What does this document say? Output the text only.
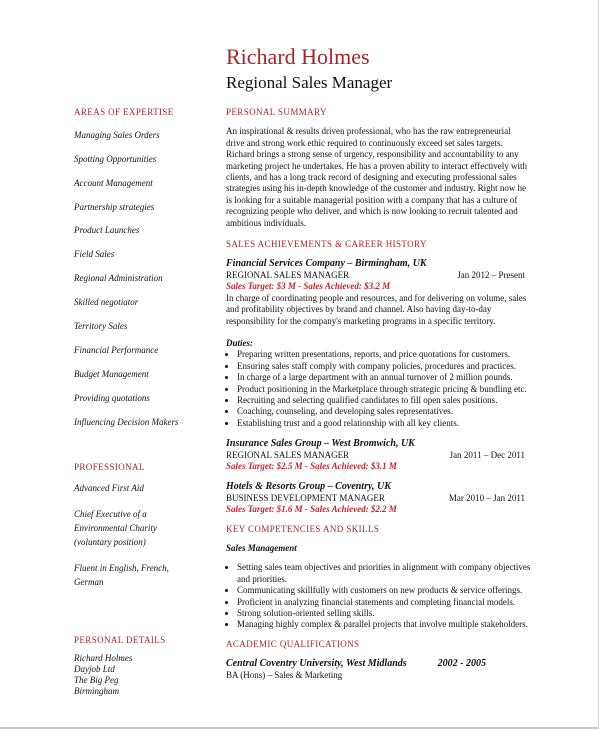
Richard Holmes
Regional Sales Manager
AREAS OF EXPERTISE
Managing Sales Orders
Spotting Opportunities
Account Management
Partnership strategies
Product Launches
Field Sales
Regional Administration
Skilled negotiator
Territory Sales
Financial Performance
Budget Management
Providing quotations
Influencing Decision Makers
PROFESSIONAL
Advanced First Aid
Chief Executive of a Environmental Charity (voluntary position)
Fluent in English, French, German
PERSONAL DETAILS
Richard Holmes
Dayjob Ltd
The Big Peg
Birmingham
PERSONAL SUMMARY

An inspirational & results driven professional, who has the raw entrepreneurial drive and strong work ethic required to continuously exceed set sales targets. Richard brings a strong sense of urgency, responsibility and accountability to any marketing project he undertakes. He has a proven ability to interact effectively with clients, and has a long track record of designing and executing professional sales strategies using his in-depth knowledge of the customer and industry. Right now he is looking for a suitable managerial position with a company that has a culture of recognizing people who deliver, and which is now looking to recruit talented and ambitious individuals.

SALES ACHIEVEMENTS & CAREER HISTORY
Financial Services Company – Birmingham, UK
REGIONAL SALES MANAGER	Jan 2012 – Present
Sales Target: $3 M - Sales Achieved: $3.2 M
In charge of coordinating people and resources, and for delivering on volume, sales and profitability objectives by brand and channel. Also having day-to-day responsibility for the company's marketing programs in a specific territory.
Duties:
• Preparing written presentations, reports, and price quotations for customers.
• Ensuring sales staff comply with company policies, procedures and practices.
• In charge of a large department with an annual turnover of 2 million pounds.
• Product positioning in the Marketplace through strategic pricing & bundling etc.
• Recruiting and selecting qualified candidates to fill open sales positions.
• Coaching, counseling, and developing sales representatives.
• Establishing trust and a good relationship with all key clients.
Insurance Sales Group – West Bromwich, UK
REGIONAL SALES MANAGER	Jan 2011 – Dec 2011
Sales Target: $2.5 M - Sales Achieved: $3.1 M
Hotels & Resorts Group – Coventry, UK
BUSINESS DEVELOPMENT MANAGER	Mar 2010 – Jan 2011
Sales Target: $1.6 M - Sales Achieved: $2.2 M
KEY COMPETENCIES AND SKILLS
Sales Management
• Setting sales team objectives and priorities in alignment with company objectives and priorities.
• Communicating skillfully with customers on new products & service offerings.
• Proficient in analyzing financial statements and completing financial models.
• Strong solution-oriented selling skills.
• Managing highly complex & parallel projects that involve multiple stakeholders.
ACADEMIC QUALIFICATIONS
Central Coventry University, West Midlands	2002 - 2005
BA (Hons) – Sales & Marketing
